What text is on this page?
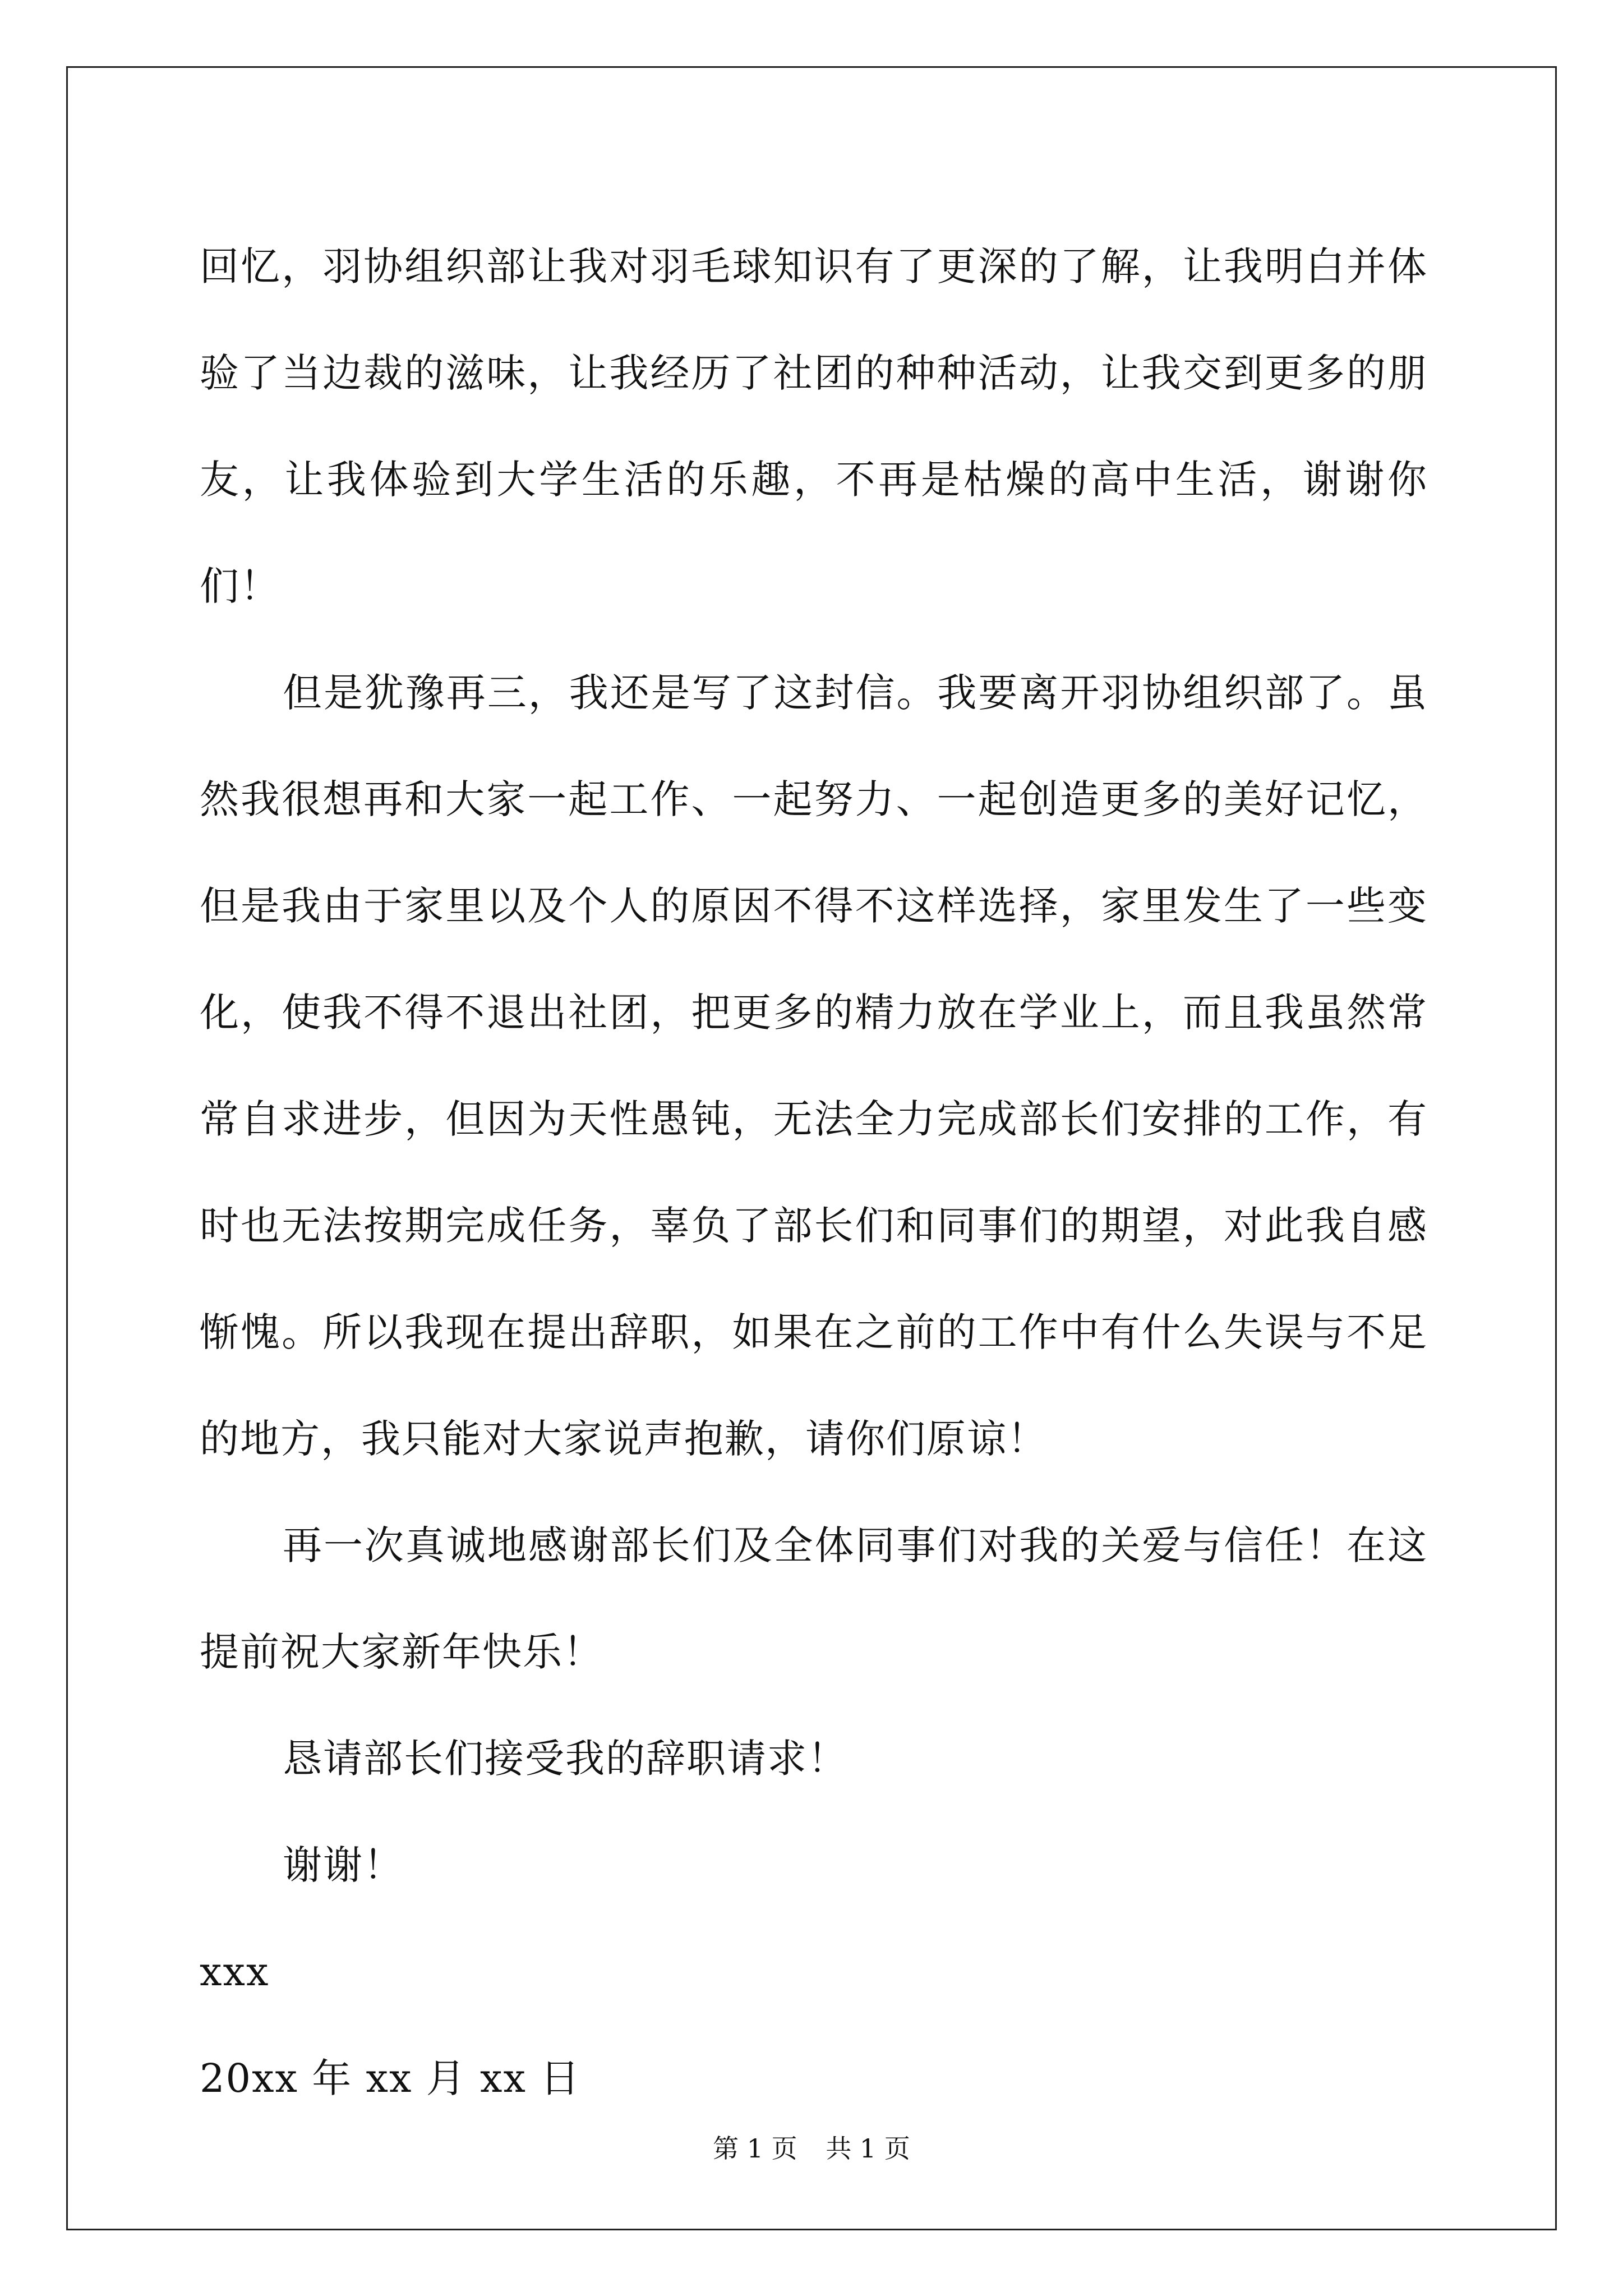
回忆，羽协组织部让我对羽毛球知识有了更深的了解，让我明白并体验了当边裁的滋味，让我经历了社团的种种活动，让我交到更多的朋友，让我体验到大学生活的乐趣，不再是枯燥的高中生活，谢谢你们！

但是犹豫再三，我还是写了这封信。我要离开羽协组织部了。虽然我很想再和大家一起工作、一起努力、一起创造更多的美好记忆，但是我由于家里以及个人的原因不得不这样选择，家里发生了一些变化，使我不得不退出社团，把更多的精力放在学业上，而且我虽然常常自求进步，但因为天性愚钝，无法全力完成部长们安排的工作，有时也无法按期完成任务，辜负了部长们和同事们的期望，对此我自感惭愧。所以我现在提出辞职，如果在之前的工作中有什么失误与不足的地方，我只能对大家说声抱歉，请你们原谅！

再一次真诚地感谢部长们及全体同事们对我的关爱与信任！在这提前祝大家新年快乐！

恳请部长们接受我的辞职请求！

谢谢！

xxx

20xx 年 xx 月 xx 日

第 1 页 共 1 页
